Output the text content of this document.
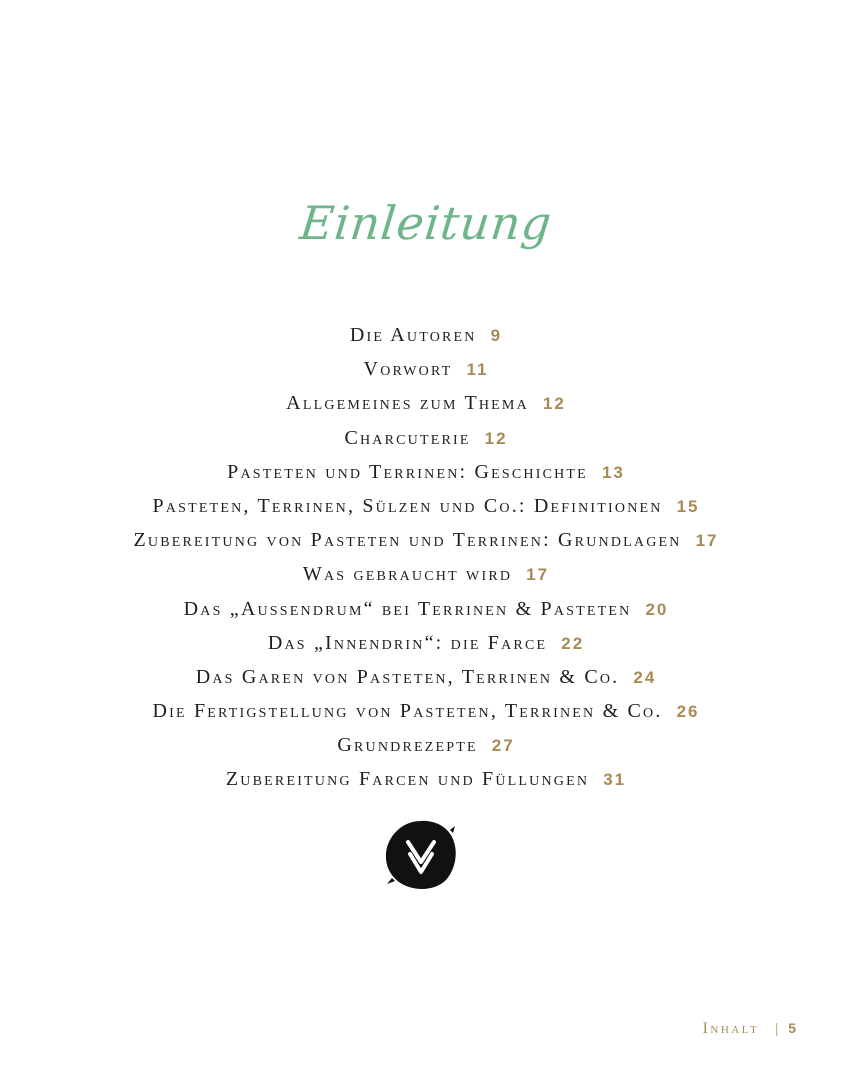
Einleitung
Die Autoren 9
Vorwort 11
Allgemeines zum Thema 12
Charcuterie 12
Pasteten und Terrinen: Geschichte 13
Pasteten, Terrinen, Sülzen und Co.: Definitionen 15
Zubereitung von Pasteten und Terrinen: Grundlagen 17
Was gebraucht wird 17
Das „Aussendrum“ bei Terrinen & Pasteten 20
Das „Innendrin“: die Farce 22
Das Garen von Pasteten, Terrinen & Co. 24
Die Fertigstellung von Pasteten, Terrinen & Co. 26
Grundrezepte 27
Zubereitung Farcen und Füllungen 31
Inhalt | 5
